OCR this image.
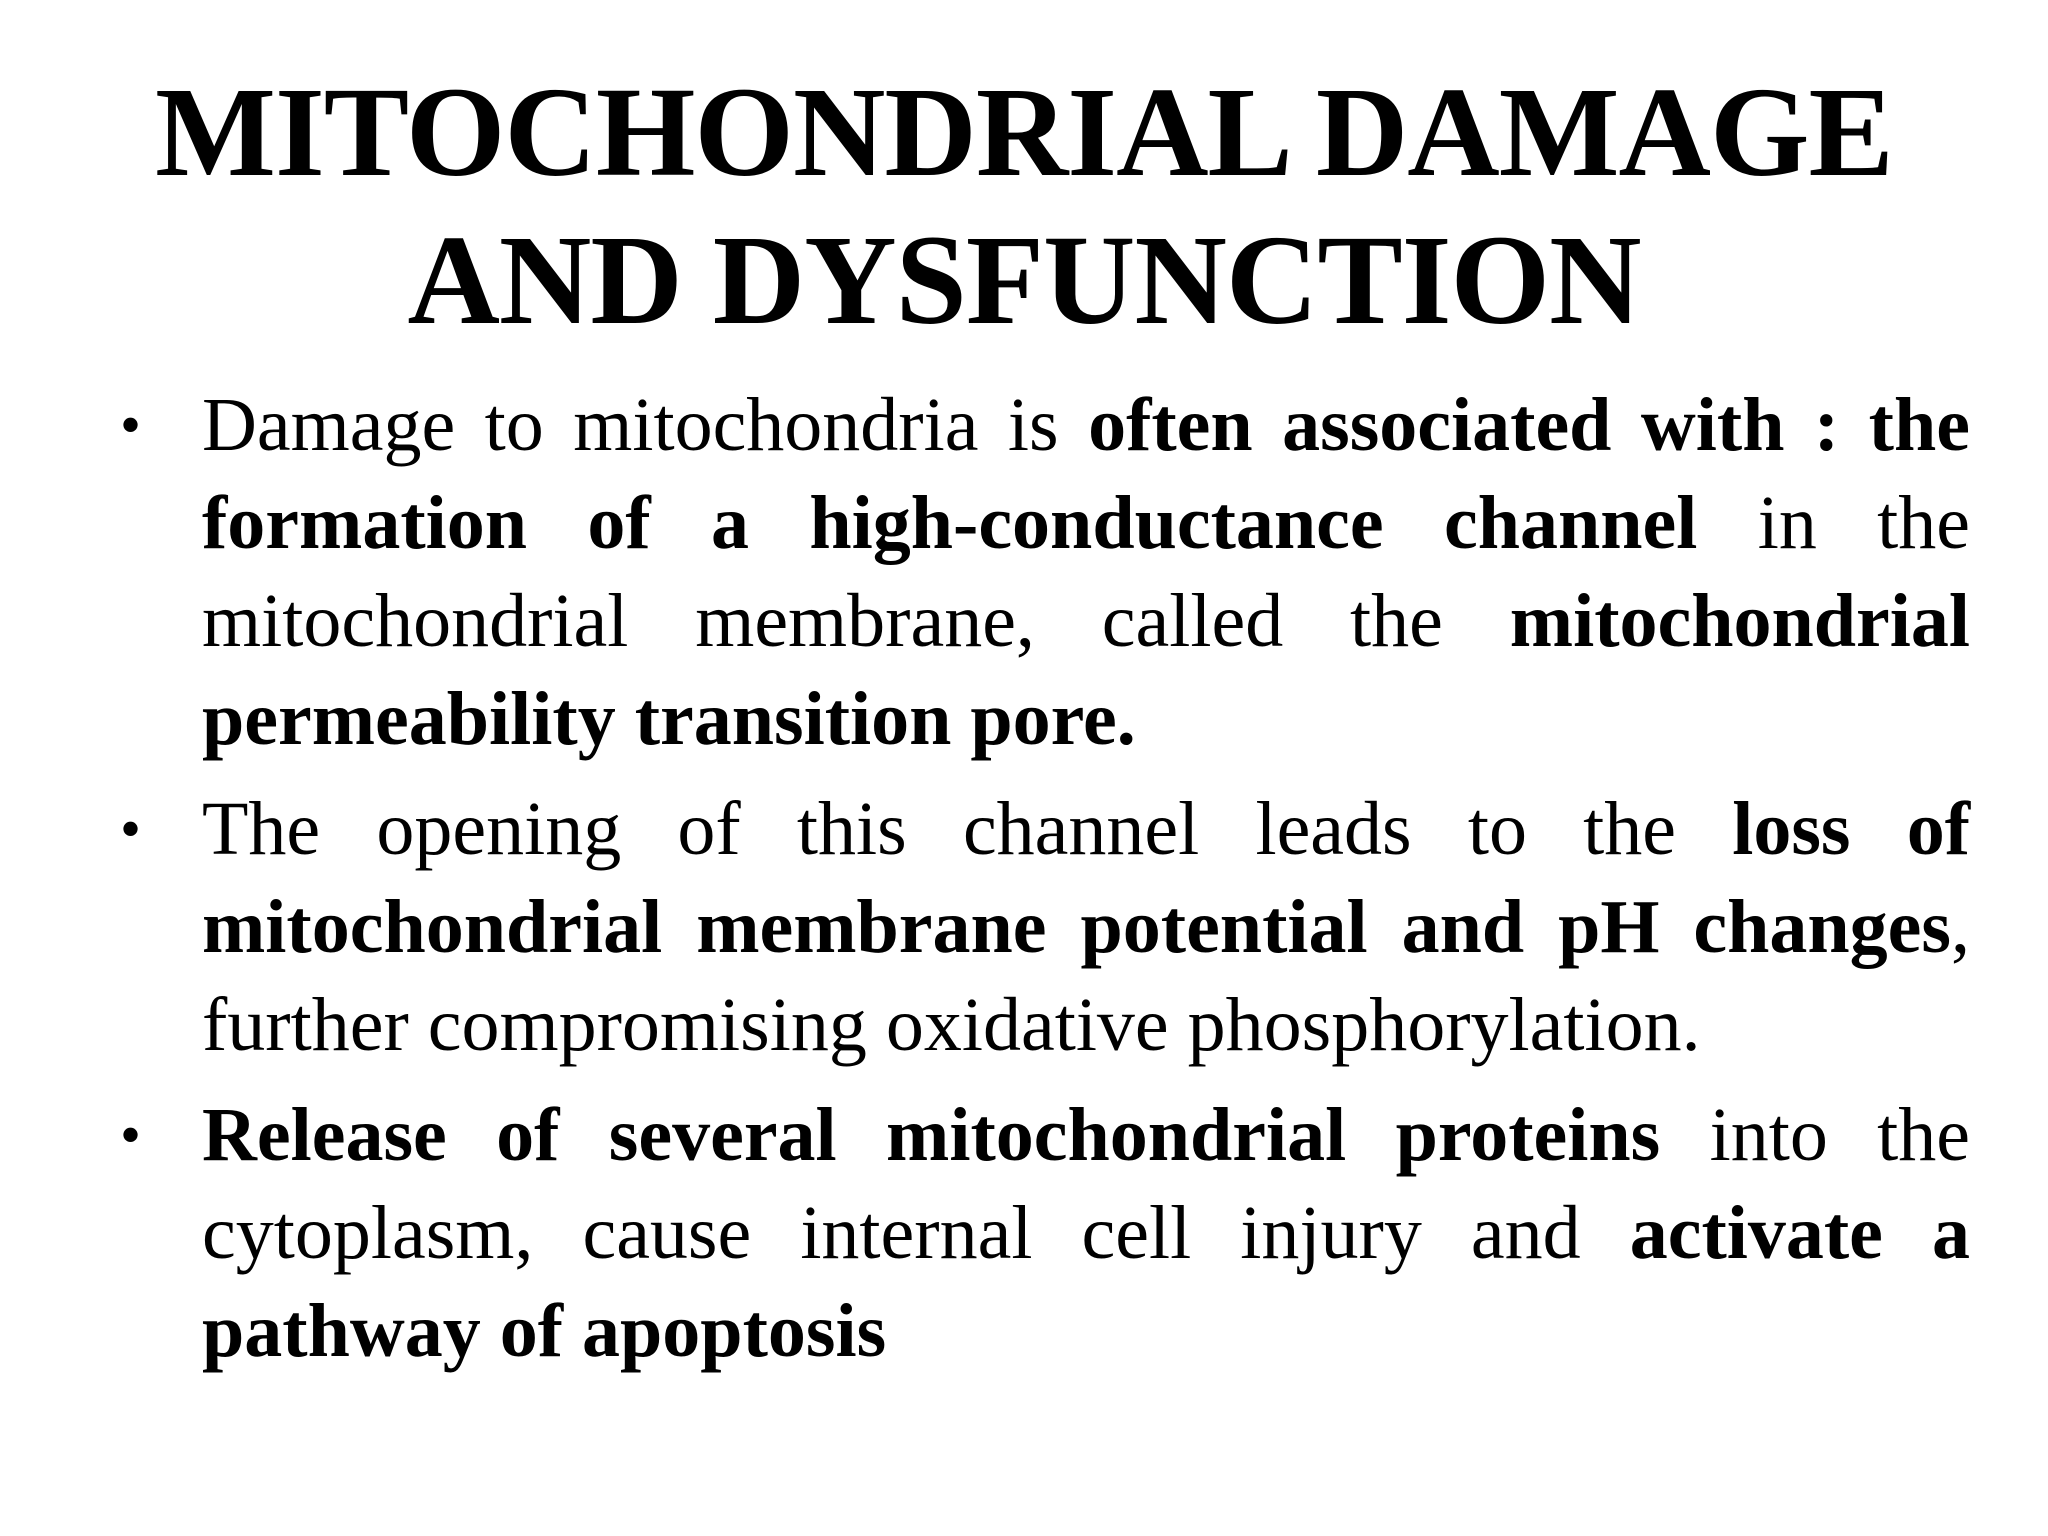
MITOCHONDRIAL DAMAGE
AND DYSFUNCTION
• Damage to mitochondria is often associated with : the formation of a high-conductance channel in the mitochondrial membrane, called the mitochondrial permeability transition pore.
• The opening of this channel leads to the loss of mitochondrial membrane potential and pH changes, further compromising oxidative phosphorylation.
• Release of several mitochondrial proteins into the cytoplasm, cause internal cell injury and activate a pathway of apoptosis
